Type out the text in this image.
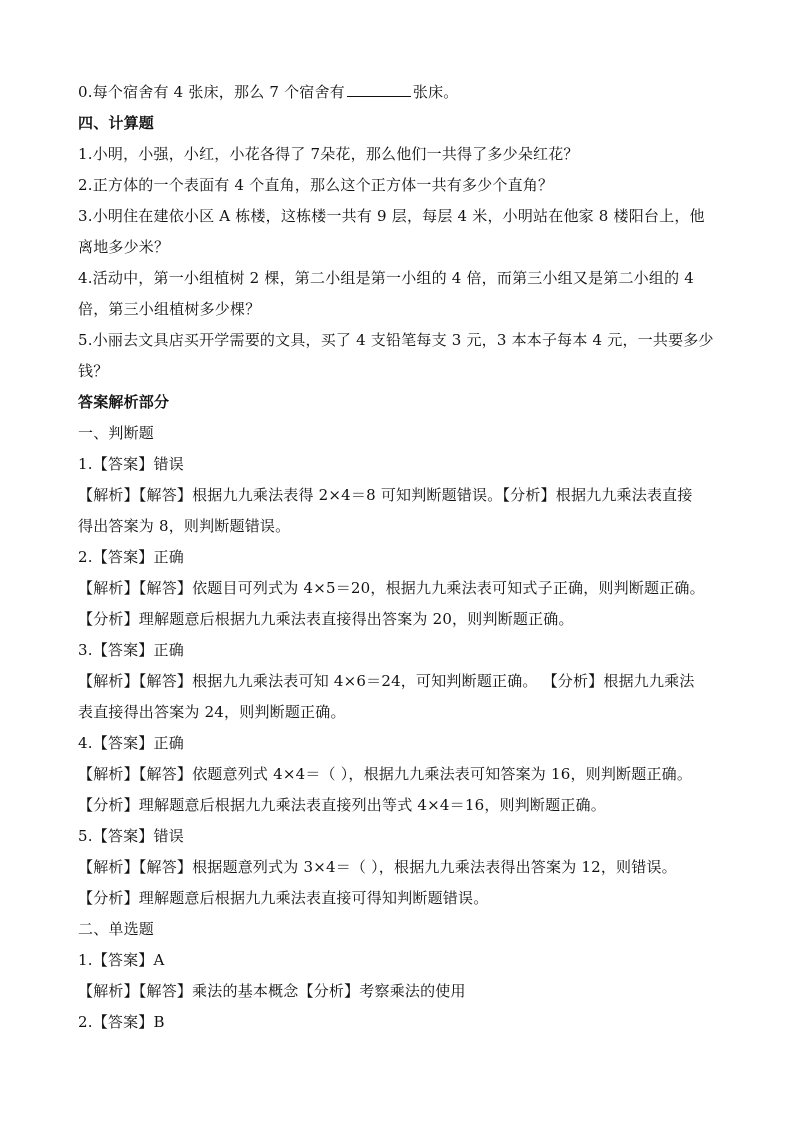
0.每个宿舍有 4 张床，那么 7 个宿舍有	张床。
四、计算题
1.小明，小强，小红，小花各得了 7朵花，那么他们一共得了多少朵红花？
2.正方体的一个表面有 4 个直角，那么这个正方体一共有多少个直角？
3.小明住在建依小区 A 栋楼，这栋楼一共有 9 层，每层 4 米，小明站在他家 8 楼阳台上，他
离地多少米？
4.活动中，第一小组植树 2 棵，第二小组是第一小组的 4 倍，而第三小组又是第二小组的 4
倍，第三小组植树多少棵？
5.小丽去文具店买开学需要的文具，买了 4 支铅笔每支 3 元，3 本本子每本 4 元，一共要多少
钱？
答案解析部分
一、判断题
1.【答案】错误
【解析】【解答】根据九九乘法表得 2×4＝8 可知判断题错误。【分析】根据九九乘法表直接
得出答案为 8，则判断题错误。
2.【答案】正确
【解析】【解答】依题目可列式为 4×5＝20，根据九九乘法表可知式子正确，则判断题正确。
【分析】理解题意后根据九九乘法表直接得出答案为 20，则判断题正确。
3.【答案】正确
【解析】【解答】根据九九乘法表可知 4×6＝24，可知判断题正确。 【分析】根据九九乘法
表直接得出答案为 24，则判断题正确。
4.【答案】正确
【解析】【解答】依题意列式 4×4＝（ ），根据九九乘法表可知答案为 16，则判断题正确。
【分析】理解题意后根据九九乘法表直接列出等式 4×4＝16，则判断题正确。
5.【答案】错误
【解析】【解答】根据题意列式为 3×4＝（ ），根据九九乘法表得出答案为 12，则错误。
【分析】理解题意后根据九九乘法表直接可得知判断题错误。
二、单选题
1.【答案】A
【解析】【解答】乘法的基本概念【分析】考察乘法的使用
2.【答案】B
